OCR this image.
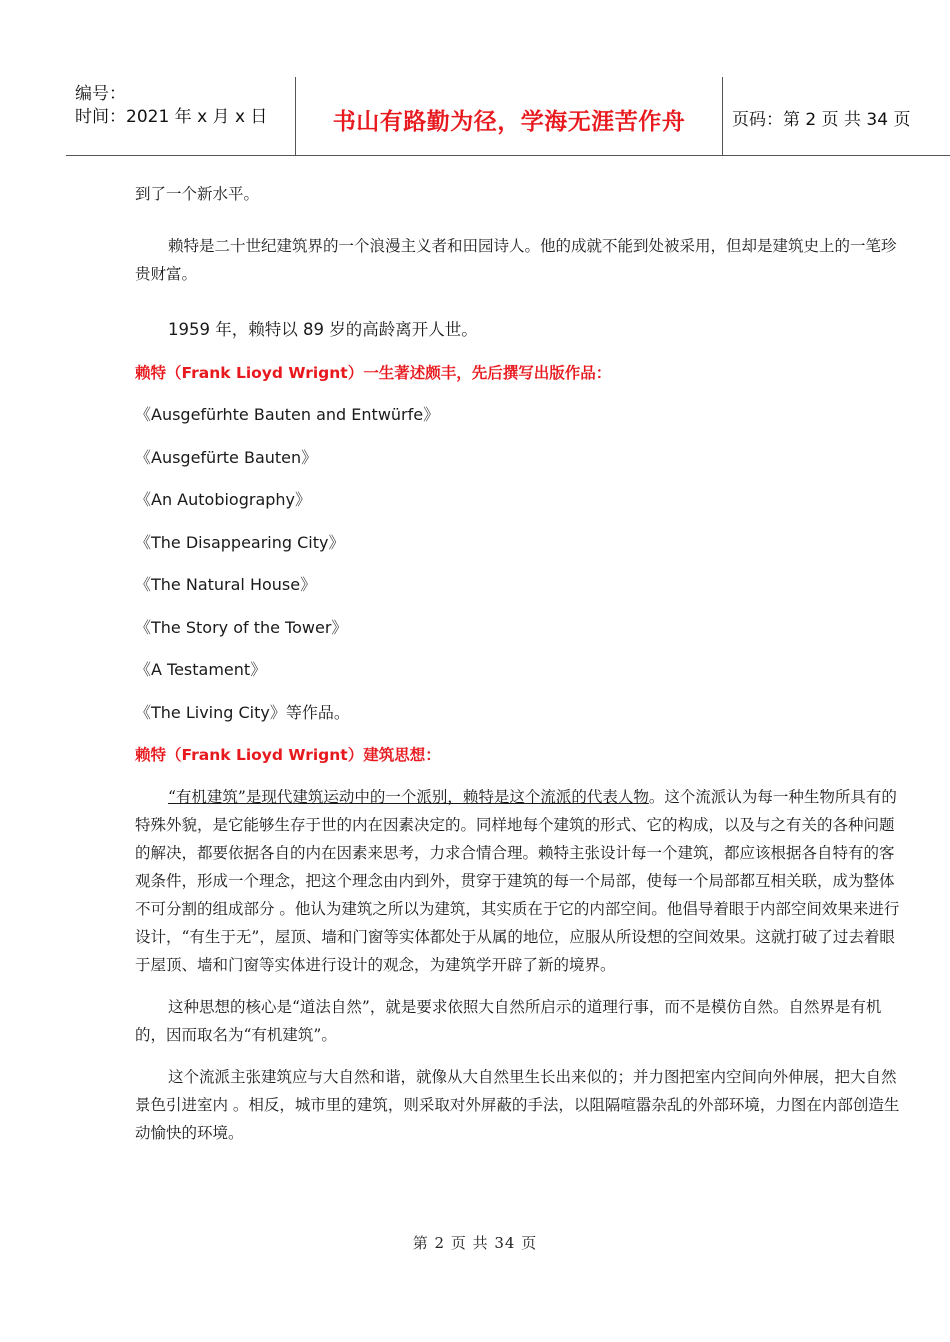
编号：
时间：2021 年 x 月 x 日	书山有路勤为径，学海无涯苦作舟	页码：第 2 页 共 34 页

到了一个新水平。

赖特是二十世纪建筑界的一个浪漫主义者和田园诗人。他的成就不能到处被采用，但却是建筑史上的一笔珍贵财富。

1959 年，赖特以 89 岁的高龄离开人世。

赖特（Frank Lioyd Wrignt）一生著述颇丰，先后撰写出版作品：

《Ausgefürhte Bauten and Entwürfe》

《Ausgefürte Bauten》

《An Autobiography》

《The Disappearing City》

《The Natural House》

《The Story of the Tower》

《A Testament》

《The Living City》等作品。

赖特（Frank Lioyd Wrignt）建筑思想：

“有机建筑”是现代建筑运动中的一个派别，赖特是这个流派的代表人物。这个流派认为每一种生物所具有的特殊外貌，是它能够生存于世的内在因素决定的。同样地每个建筑的形式、它的构成，以及与之有关的各种问题的解决，都要依据各自的内在因素来思考，力求合情合理。赖特主张设计每一个建筑，都应该根据各自特有的客观条件，形成一个理念，把这个理念由内到外，贯穿于建筑的每一个局部，使每一个局部都互相关联，成为整体不可分割的组成部分 。他认为建筑之所以为建筑，其实质在于它的内部空间。他倡导着眼于内部空间效果来进行设计，“有生于无”，屋顶、墙和门窗等实体都处于从属的地位，应服从所设想的空间效果。这就打破了过去着眼于屋顶、墙和门窗等实体进行设计的观念，为建筑学开辟了新的境界。

这种思想的核心是“道法自然”，就是要求依照大自然所启示的道理行事，而不是模仿自然。自然界是有机的，因而取名为“有机建筑”。

这个流派主张建筑应与大自然和谐，就像从大自然里生长出来似的；并力图把室内空间向外伸展，把大自然景色引进室内 。相反，城市里的建筑，则采取对外屏蔽的手法，以阻隔喧嚣杂乱的外部环境，力图在内部创造生动愉快的环境。

第 2 页 共 34 页
